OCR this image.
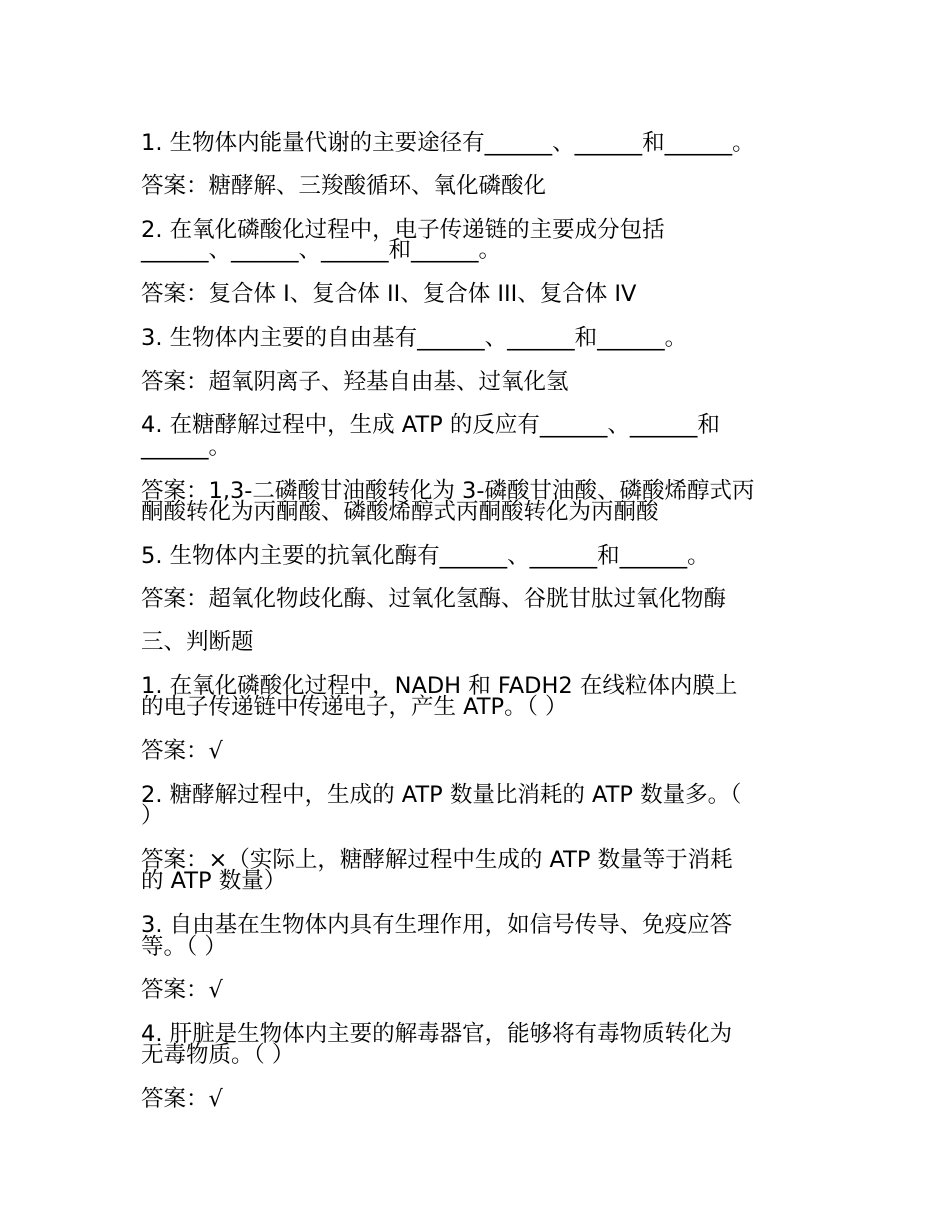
1. 生物体内能量代谢的主要途径有______、______和______。
答案：糖酵解、三羧酸循环、氧化磷酸化
2. 在氧化磷酸化过程中，电子传递链的主要成分包括
______、______、______和______。
答案：复合体 I、复合体 II、复合体 III、复合体 IV
3. 生物体内主要的自由基有______、______和______。
答案：超氧阴离子、羟基自由基、过氧化氢
4. 在糖酵解过程中，生成 ATP 的反应有______、______和
______。
答案：1,3-二磷酸甘油酸转化为 3-磷酸甘油酸、磷酸烯醇式丙
酮酸转化为丙酮酸、磷酸烯醇式丙酮酸转化为丙酮酸
5. 生物体内主要的抗氧化酶有______、______和______。
答案：超氧化物歧化酶、过氧化氢酶、谷胱甘肽过氧化物酶
三、判断题
1. 在氧化磷酸化过程中，NADH 和 FADH2 在线粒体内膜上
的电子传递链中传递电子，产生 ATP。（ ）
答案：√
2. 糖酵解过程中，生成的 ATP 数量比消耗的 ATP 数量多。（
）
答案：×（实际上，糖酵解过程中生成的 ATP 数量等于消耗
的 ATP 数量）
3. 自由基在生物体内具有生理作用，如信号传导、免疫应答
等。（ ）
答案：√
4. 肝脏是生物体内主要的解毒器官，能够将有毒物质转化为
无毒物质。（ ）
答案：√
